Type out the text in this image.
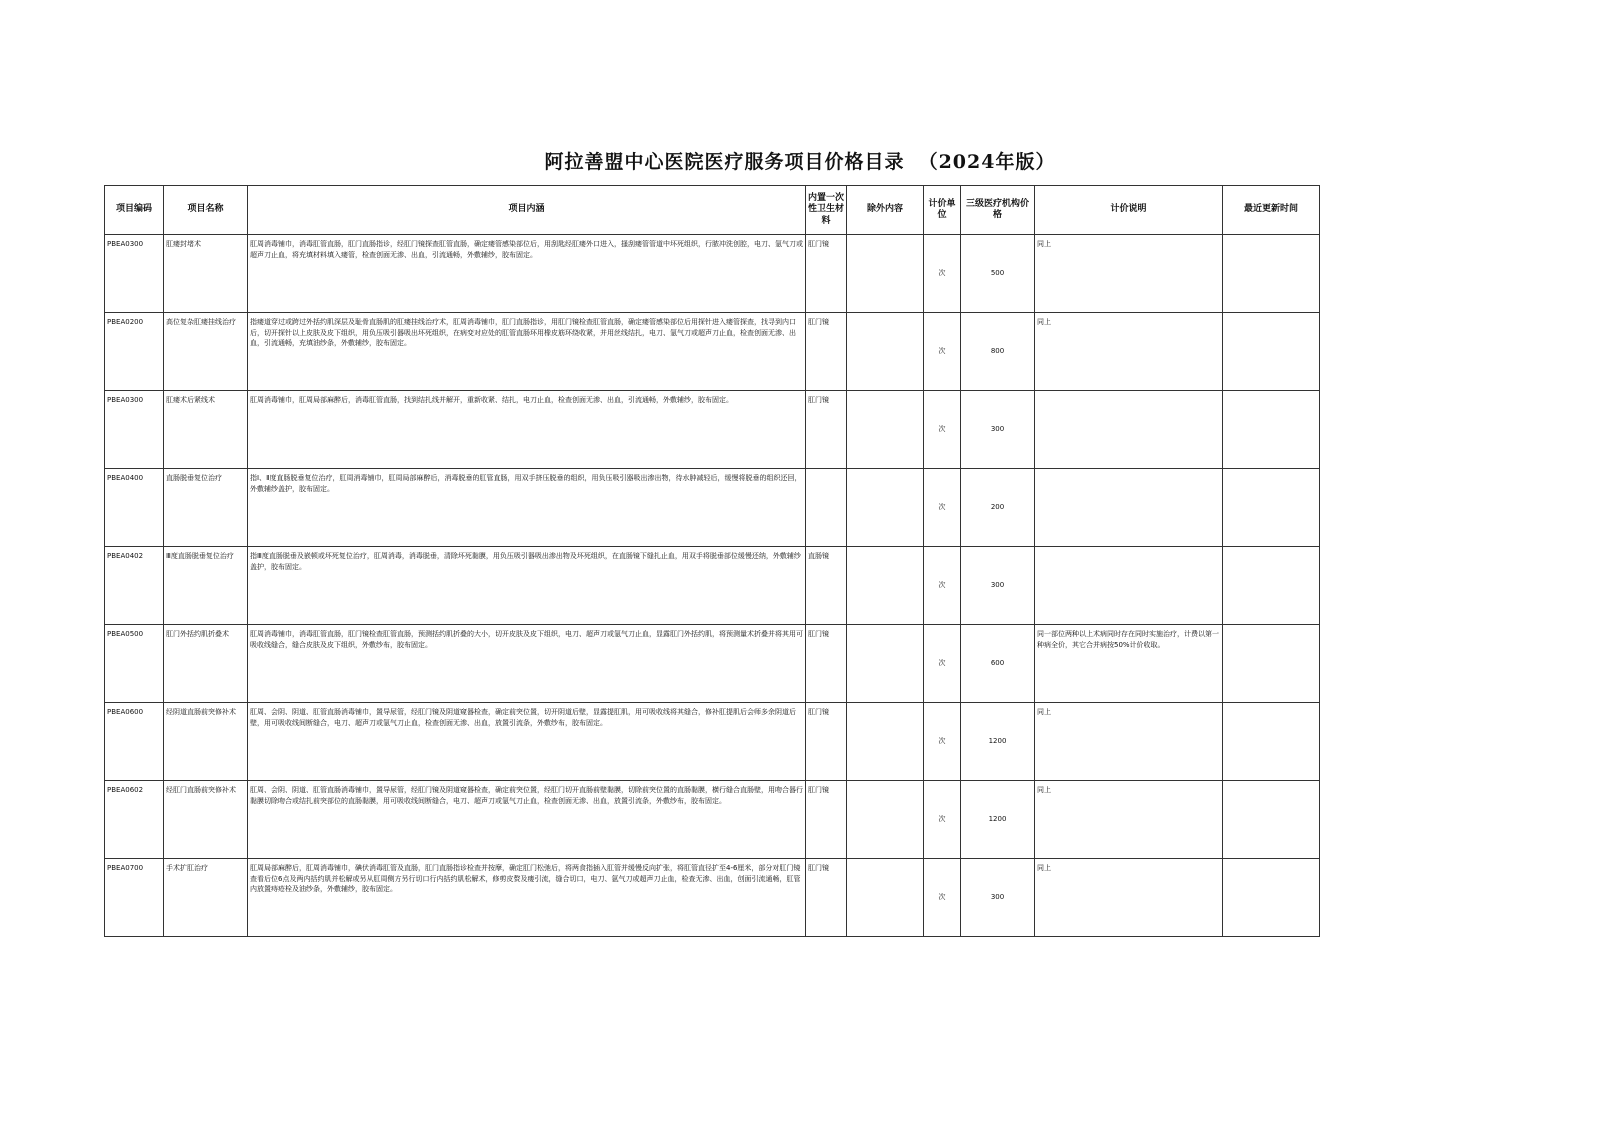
阿拉善盟中心医院医疗服务项目价格目录 （2024年版）
项目编码	项目名称	项目内涵	内置一次性卫生材料	除外内容	计价单位	三级医疗机构价格	计价说明	最近更新时间
PBEA0300	肛瘘封堵术	肛周消毒铺巾，消毒肛管直肠，肛门直肠指诊，经肛门镜探查肛管直肠，确定瘘管感染部位后，用刮匙经肛瘘外口进入，搔刮瘘管管道中坏死组织，行脓冲洗创腔，电刀、氩气刀或超声刀止血，将充填材料填入瘘管，检查创面无渗、出血，引流通畅，外敷辅纱，胶布固定。	肛门镜		次	500	同上	
PBEA0200	高位复杂肛瘘挂线治疗	指瘘道穿过或跨过外括约肌深层及耻骨直肠肌的肛瘘挂线治疗术，肛周消毒铺巾，肛门直肠指诊，用肛门镜检查肛管直肠，确定瘘管感染部位后用探针进入瘘管探查，找寻到内口后，切开探针以上皮肤及皮下组织，用负压吸引器吸出坏死组织，在病变对应处的肛管直肠环用橡皮筋环绕收紧，并用丝线结扎，电刀、氩气刀或超声刀止血，检查创面无渗、出血，引流通畅，充填油纱条，外敷辅纱，胶布固定。	肛门镜		次	800	同上	
PBEA0300	肛瘘术后紧线术	肛周消毒铺巾，肛周局部麻醉后，消毒肛管直肠，找到结扎线并解开，重新收紧、结扎，电刀止血，检查创面无渗、出血，引流通畅，外敷辅纱，胶布固定。	肛门镜		次	300		
PBEA0400	直肠脱垂复位治疗	指Ⅰ、Ⅱ度直肠脱垂复位治疗，肛周消毒铺巾，肛周局部麻醉后，消毒脱垂的肛管直肠，用双手挤压脱垂的组织，用负压吸引器吸出渗出物，待水肿减轻后，缓慢将脱垂的组织还回，外敷辅纱盖护，胶布固定。			次	200		
PBEA0402	Ⅲ度直肠脱垂复位治疗	指Ⅲ度直肠脱垂及嵌顿或坏死复位治疗，肛周消毒，消毒脱垂，清除坏死黏膜，用负压吸引器吸出渗出物及坏死组织，在直肠镜下缝扎止血，用双手将脱垂部位缓慢还纳，外敷辅纱盖护，胶布固定。	直肠镜		次	300		
PBEA0500	肛门外括约肌折叠术	肛周消毒铺巾，消毒肛管直肠，肛门镜检查肛管直肠，预测括约肌折叠的大小，切开皮肤及皮下组织，电刀、超声刀或氩气刀止血，显露肛门外括约肌，将预测量术折叠并将其用可吸收线缝合，缝合皮肤及皮下组织，外敷纱布，胶布固定。	肛门镜		次	600	同一部位两种以上术病同时存在同时实施治疗，计费以第一种病全价，其它合并病按50%计价收取。	
PBEA0600	经阴道直肠前突修补术	肛周、会阴、阴道、肛管直肠消毒铺巾，置导尿管，经肛门镜及阴道窥器检查，确定前突位置，切开阴道后壁，显露提肛肌，用可吸收线将其缝合，修补肛提肌后会师多余阴道后壁，用可吸收线间断缝合，电刀、超声刀或氩气刀止血，检查创面无渗、出血，放置引流条，外敷纱布，胶布固定。	肛门镜		次	1200	同上	
PBEA0602	经肛门直肠前突修补术	肛周、会阴、阴道、肛管直肠消毒铺巾，置导尿管，经肛门镜及阴道窥器检查，确定前突位置，经肛门切开直肠前壁黏膜，切除前突位置的直肠黏膜，横行缝合直肠壁，用吻合器行黏膜切除吻合或结扎前突部位的直肠黏膜，用可吸收线间断缝合，电刀、超声刀或氩气刀止血，检查创面无渗、出血，放置引流条，外敷纱布，胶布固定。	肛门镜		次	1200	同上	
PBEA0700	手术扩肛治疗	肛周局部麻醉后，肛周消毒铺巾，碘伏消毒肛管及直肠，肛门直肠指诊检查并按摩，确定肛门松弛后，将两食指插入肛管并缓慢反向扩张，将肛管直径扩至4-6厘米，部分对肛门镜查看后位6点及两内括约肌并松解或另从肛周侧方另行切口行内括约肌松解术，修剪皮赘及瘘引流，缝合切口，电刀、氩气刀或超声刀止血，检查无渗、出血，创面引流通畅，肛管内放置痔疮栓及油纱条，外敷辅纱，胶布固定。	肛门镜		次	300	同上	
